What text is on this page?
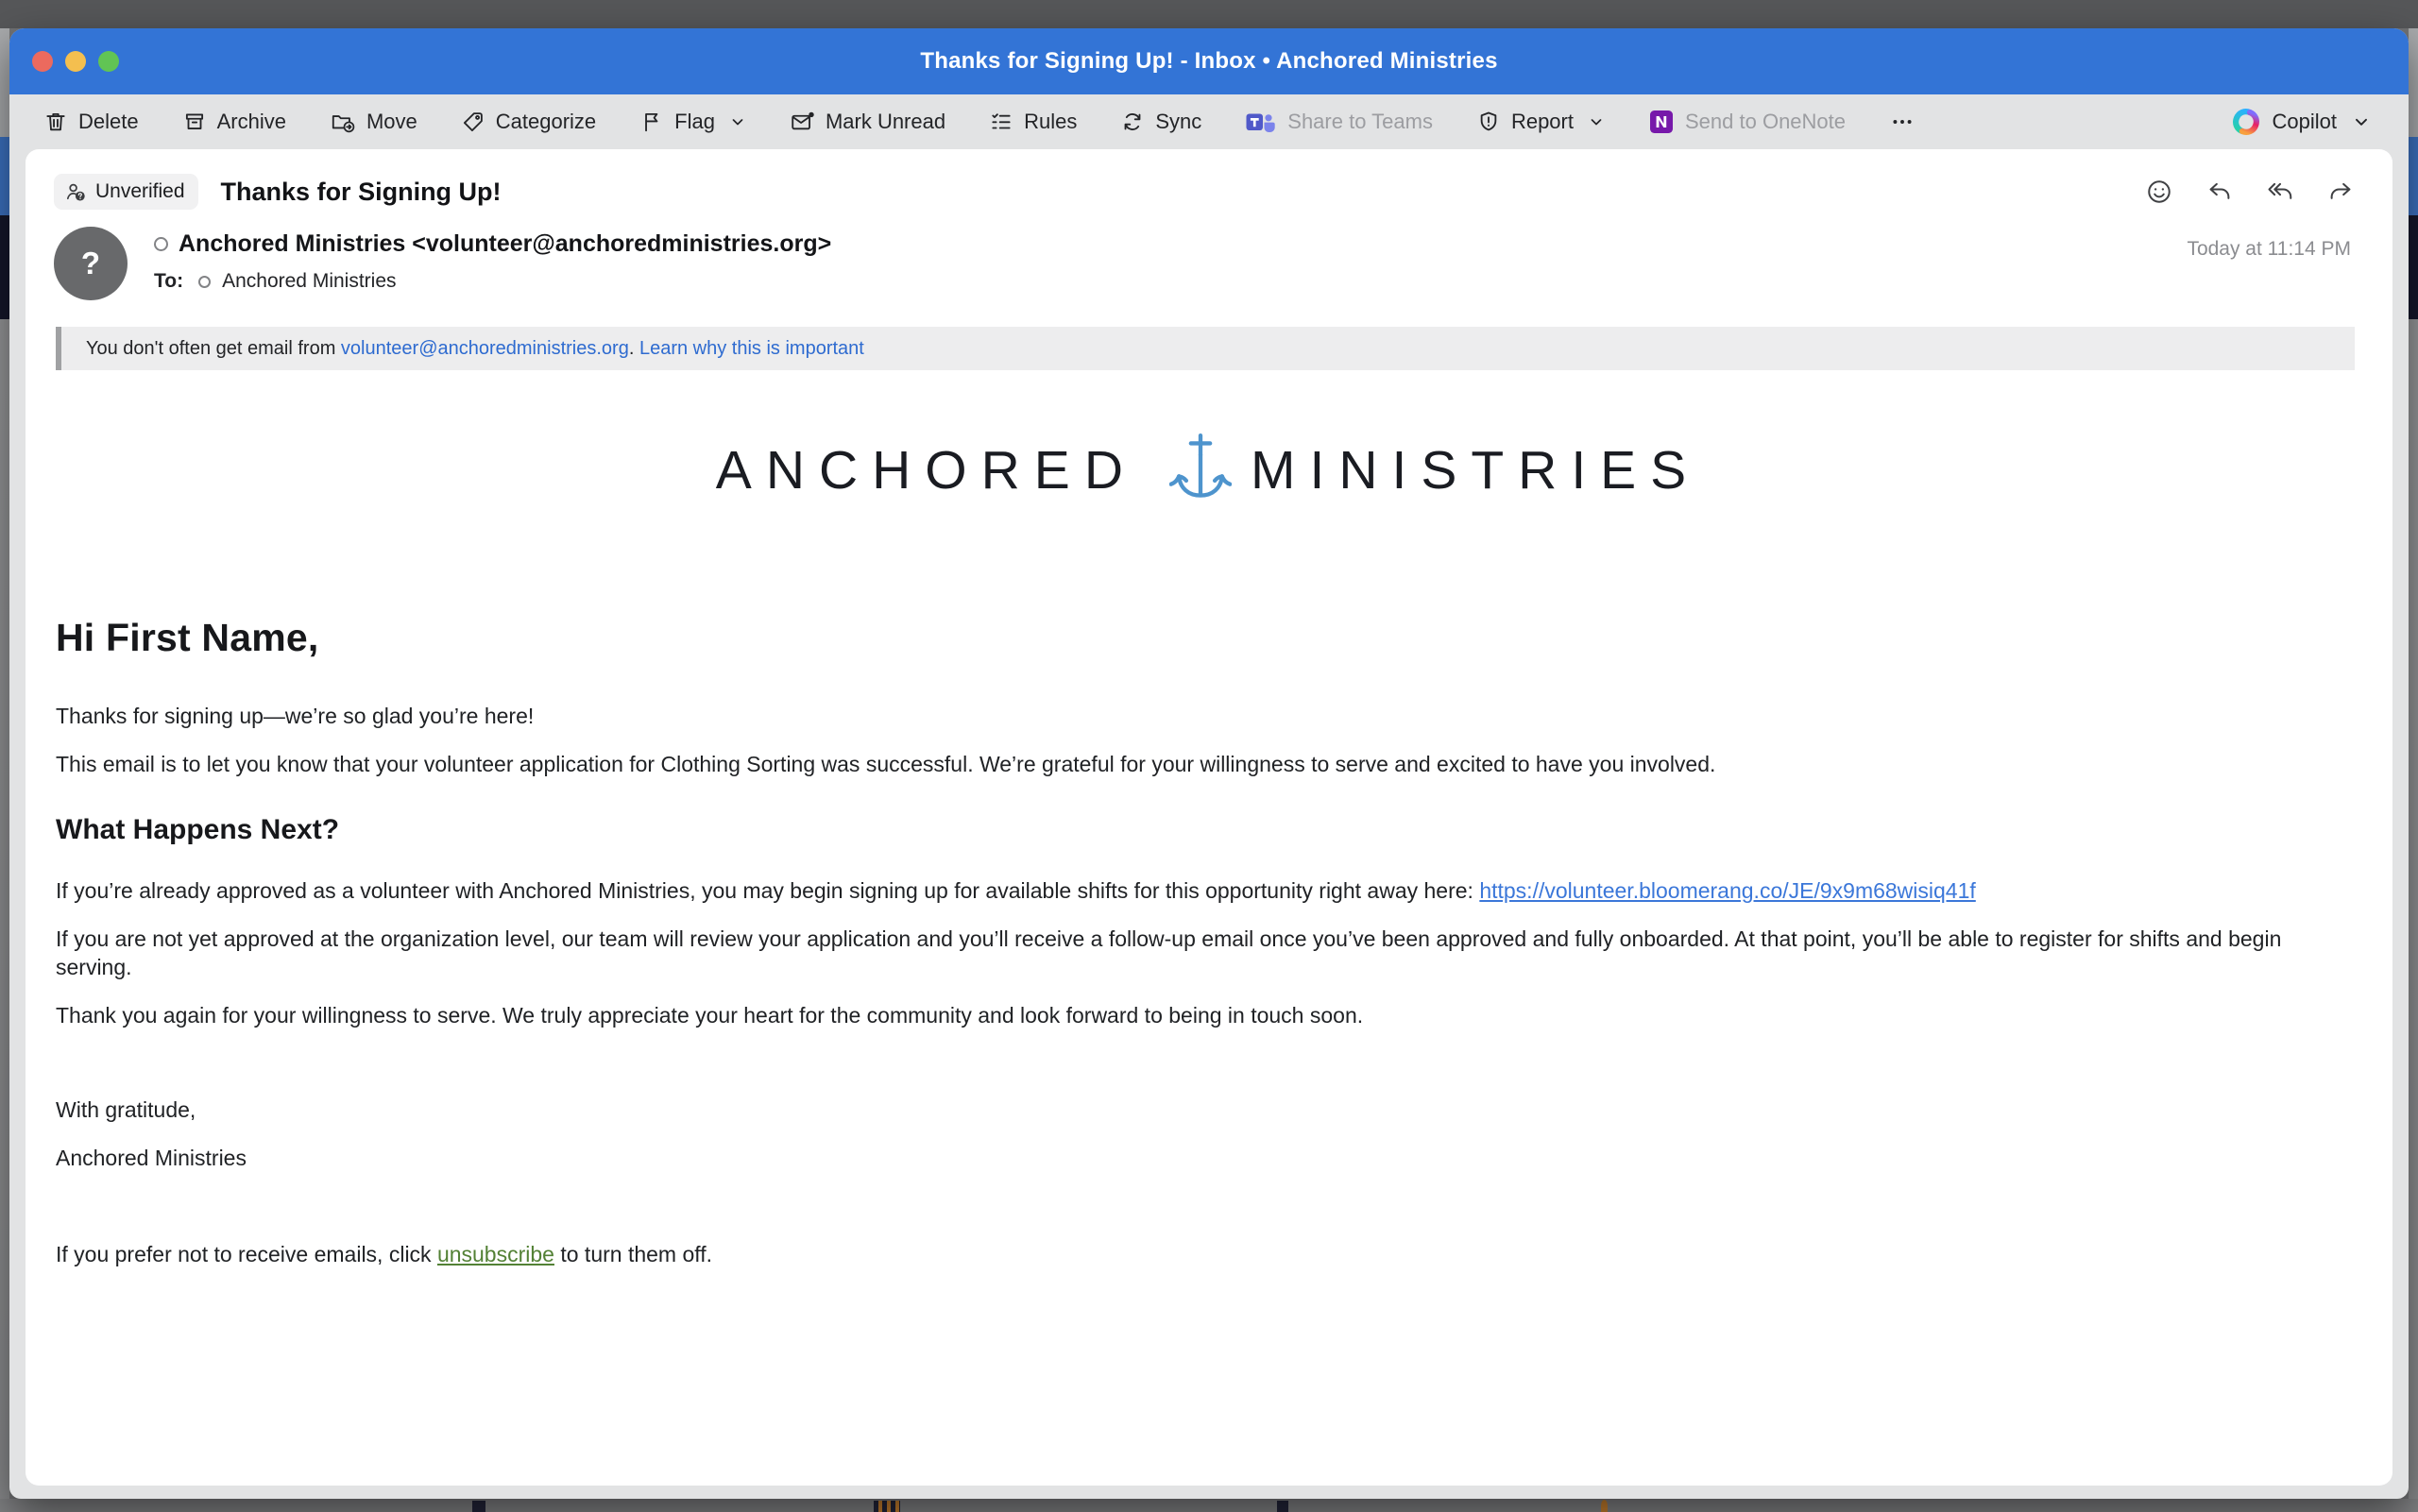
Thanks for Signing Up! - Inbox • Anchored Ministries
Delete	Archive	Move	Categorize	Flag	Mark Unread	Rules	Sync	Share to Teams	Report	Send to OneNote	Copilot
Unverified Thanks for Signing Up!
?
Anchored Ministries <volunteer@anchoredministries.org>
To: Anchored Ministries
Today at 11:14 PM
You don't often get email from volunteer@anchoredministries.org . Learn why this is important
ANCHORED MINISTRIES
Hi First Name,

Thanks for signing up—we’re so glad you’re here!

This email is to let you know that your volunteer application for Clothing Sorting was successful. We’re grateful for your willingness to serve and excited to have you involved.

What Happens Next?

If you’re already approved as a volunteer with Anchored Ministries, you may begin signing up for available shifts for this opportunity right away here: https://volunteer.bloomerang.co/JE/9x9m68wisiq41f

If you are not yet approved at the organization level, our team will review your application and you’ll receive a follow-up email once you’ve been approved and fully onboarded. At that point, you’ll be able to register for shifts and begin serving.

Thank you again for your willingness to serve. We truly appreciate your heart for the community and look forward to being in touch soon.

With gratitude,

Anchored Ministries

If you prefer not to receive emails, click unsubscribe to turn them off.
